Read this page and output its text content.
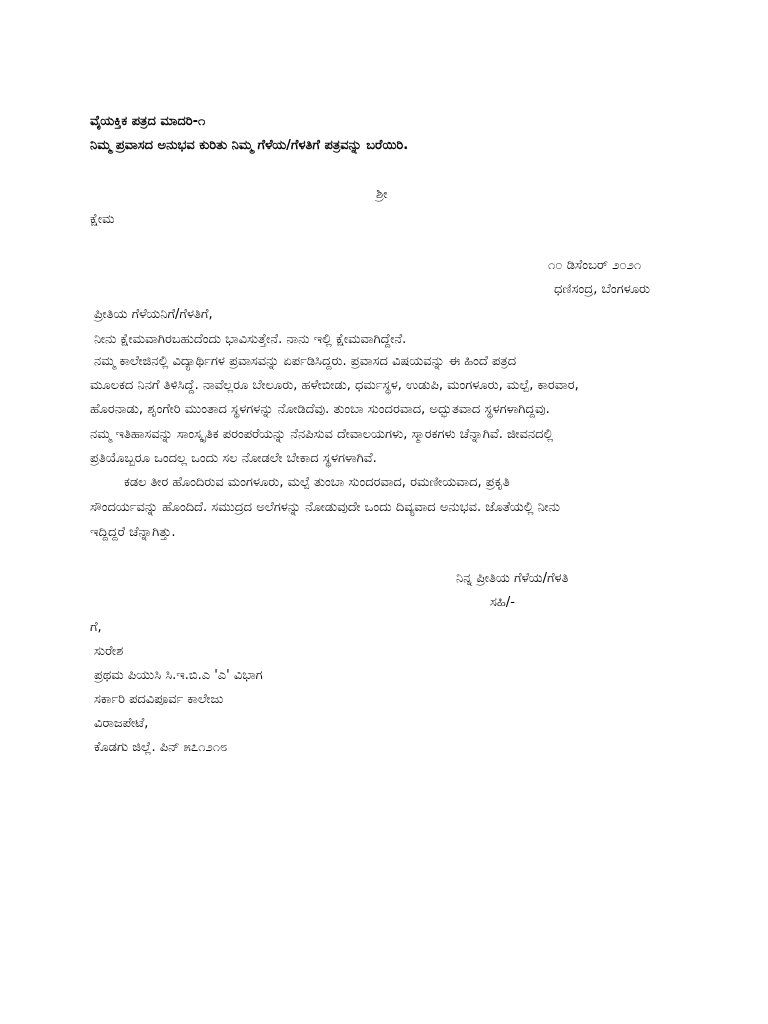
ವೈಯಕ್ತಿಕ ಪತ್ರದ ಮಾದರಿ-೧
ನಿಮ್ಮ ಪ್ರವಾಸದ ಅನುಭವ ಕುರಿತು ನಿಮ್ಮ ಗೆಳೆಯ/ಗೆಳತಿಗೆ ಪತ್ರವನ್ನು ಬರೆಯಿರಿ.
ಶ್ರೀ
ಕ್ಷೇಮ
೧೦ ಡಿಸೆಂಬರ್ ೨೦೨೧
ಧಣಿಸಂದ್ರ, ಬೆಂಗಳೂರು
ಪ್ರೀತಿಯ ಗೆಳೆಯನಿಗೆ/ಗೆಳತಿಗೆ,
ನೀನು ಕ್ಷೇಮವಾಗಿರಬಹುದೆಂದು ಭಾವಿಸುತ್ತೇನೆ. ನಾನು ಇಲ್ಲಿ ಕ್ಷೇಮವಾಗಿದ್ದೇನೆ.
ನಮ್ಮ ಕಾಲೇಜಿನಲ್ಲಿ ವಿದ್ಯಾರ್ಥಿಗಳ ಪ್ರವಾಸವನ್ನು ಏರ್ಪಡಿಸಿದ್ದರು. ಪ್ರವಾಸದ ವಿಷಯವನ್ನು ಈ ಹಿಂದೆ ಪತ್ರದ
ಮೂಲಕದ ನಿನಗೆ ತಿಳಿಸಿದ್ದೆ. ನಾವೆಲ್ಲರೂ ಬೇಲೂರು, ಹಳೇಬೀಡು, ಧರ್ಮಸ್ಥಳ, ಉಡುಪಿ, ಮಂಗಳೂರು, ಮಲ್ಪೆ, ಕಾರವಾರ,
ಹೊರನಾಡು, ಶೃಂಗೇರಿ ಮುಂತಾದ ಸ್ಥಳಗಳನ್ನು ನೋಡಿದೆವು. ತುಂಬಾ ಸುಂದರವಾದ, ಅದ್ಭುತವಾದ ಸ್ಥಳಗಳಾಗಿದ್ದವು.
ನಮ್ಮ ಇತಿಹಾಸವನ್ನು ಸಾಂಸ್ಕೃತಿಕ ಪರಂಪರೆಯನ್ನು ನೆನಪಿಸುವ ದೇವಾಲಯಗಳು, ಸ್ಮಾರಕಗಳು ಚೆನ್ನಾಗಿವೆ. ಜೀವನದಲ್ಲಿ
ಪ್ರತಿಯೊಬ್ಬರೂ ಒಂದಲ್ಲ ಒಂದು ಸಲ ನೋಡಲೇ ಬೇಕಾದ ಸ್ಥಳಗಳಾಗಿವೆ.
ಕಡಲ ತೀರ ಹೊಂದಿರುವ ಮಂಗಳೂರು, ಮಲ್ಪೆ ತುಂಬಾ ಸುಂದರವಾದ, ರಮಣೀಯವಾದ, ಪ್ರಕೃತಿ
ಸೌಂದರ್ಯವನ್ನು ಹೊಂದಿದೆ. ಸಮುದ್ರದ ಅಲೆಗಳನ್ನು ನೋಡುವುದೇ ಒಂದು ದಿವ್ಯವಾದ ಅನುಭವ. ಜೊತೆಯಲ್ಲಿ ನೀನು
ಇದ್ದಿದ್ದರೆ ಚೆನ್ನಾಗಿತ್ತು.
ನಿನ್ನ ಪ್ರೀತಿಯ ಗೆಳೆಯ/ಗೆಳತಿ
ಸಹಿ/-
ಗೆ,
ಸುರೇಶ
ಪ್ರಥಮ ಪಿಯುಸಿ ಸಿ.ಇ.ಬಿ.ಎ 'ಎ' ವಿಭಾಗ
ಸರ್ಕಾರಿ ಪದವಿಪೂರ್ವ ಕಾಲೇಜು
ವಿರಾಜಪೇಟೆ,
ಕೊಡಗು ಜಿಲ್ಲೆ. ಪಿನ್ ೫೭೧೨೧೮
